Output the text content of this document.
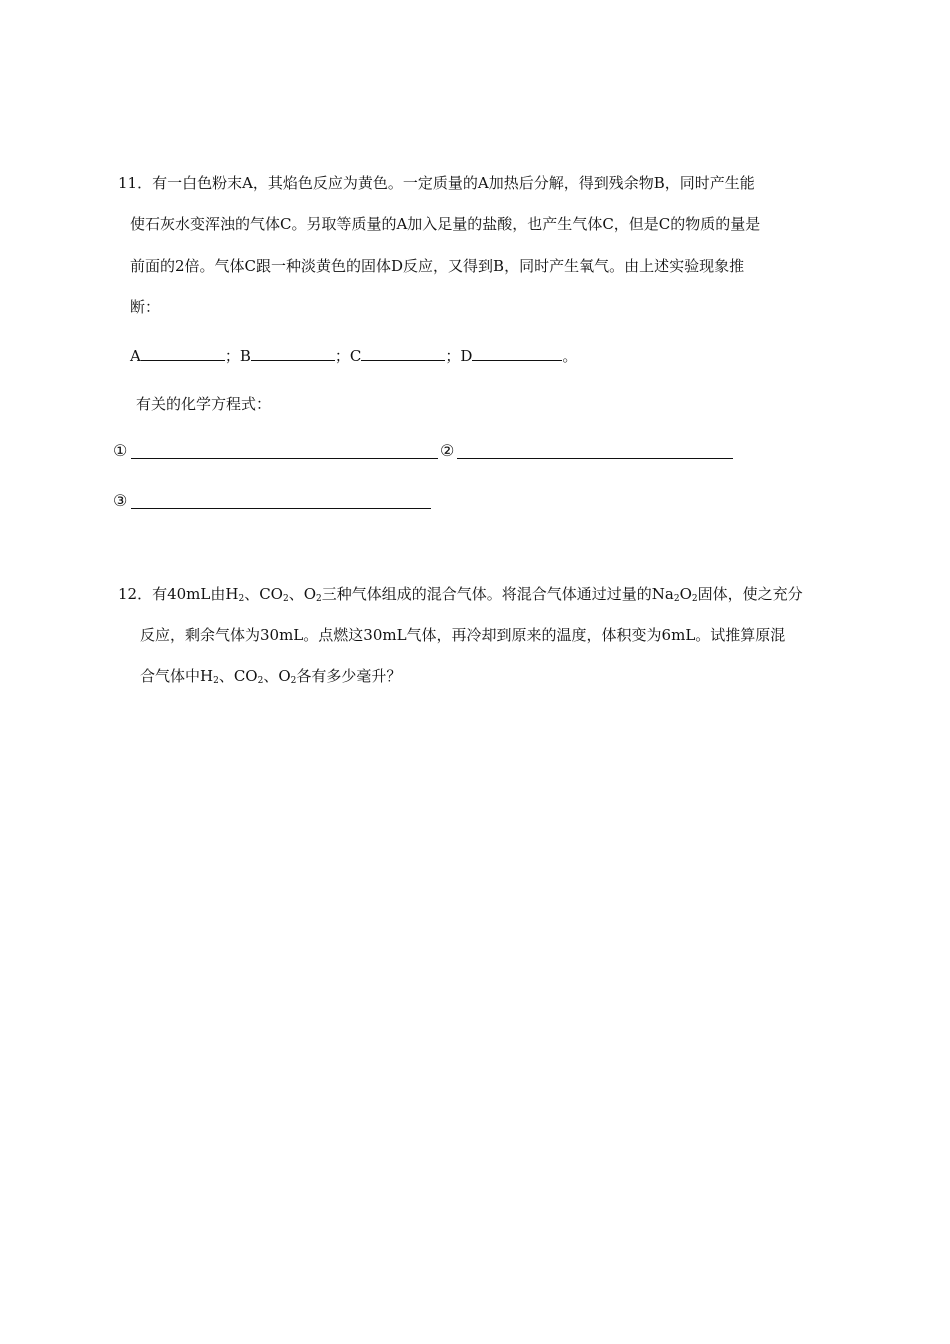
11．有一白色粉末A，其焰色反应为黄色。一定质量的A加热后分解，得到残余物B，同时产生能
使石灰水变浑浊的气体C。另取等质量的A加入足量的盐酸，也产生气体C，但是C的物质的量是
前面的2倍。气体C跟一种淡黄色的固体D反应，又得到B，同时产生氧气。由上述实验现象推
断：
A	；B	；C	；D	。
有关的化学方程式：
①	②
③
12．有40mL由$H_2$、$CO_2$、$O_2$三种气体组成的混合气体。将混合气体通过过量的$Na_2O_2$固体，使之充分
反应，剩余气体为30mL。点燃这30mL气体，再冷却到原来的温度，体积变为6mL。试推算原混
合气体中$H_2$、$CO_2$、$O_2$各有多少毫升？
